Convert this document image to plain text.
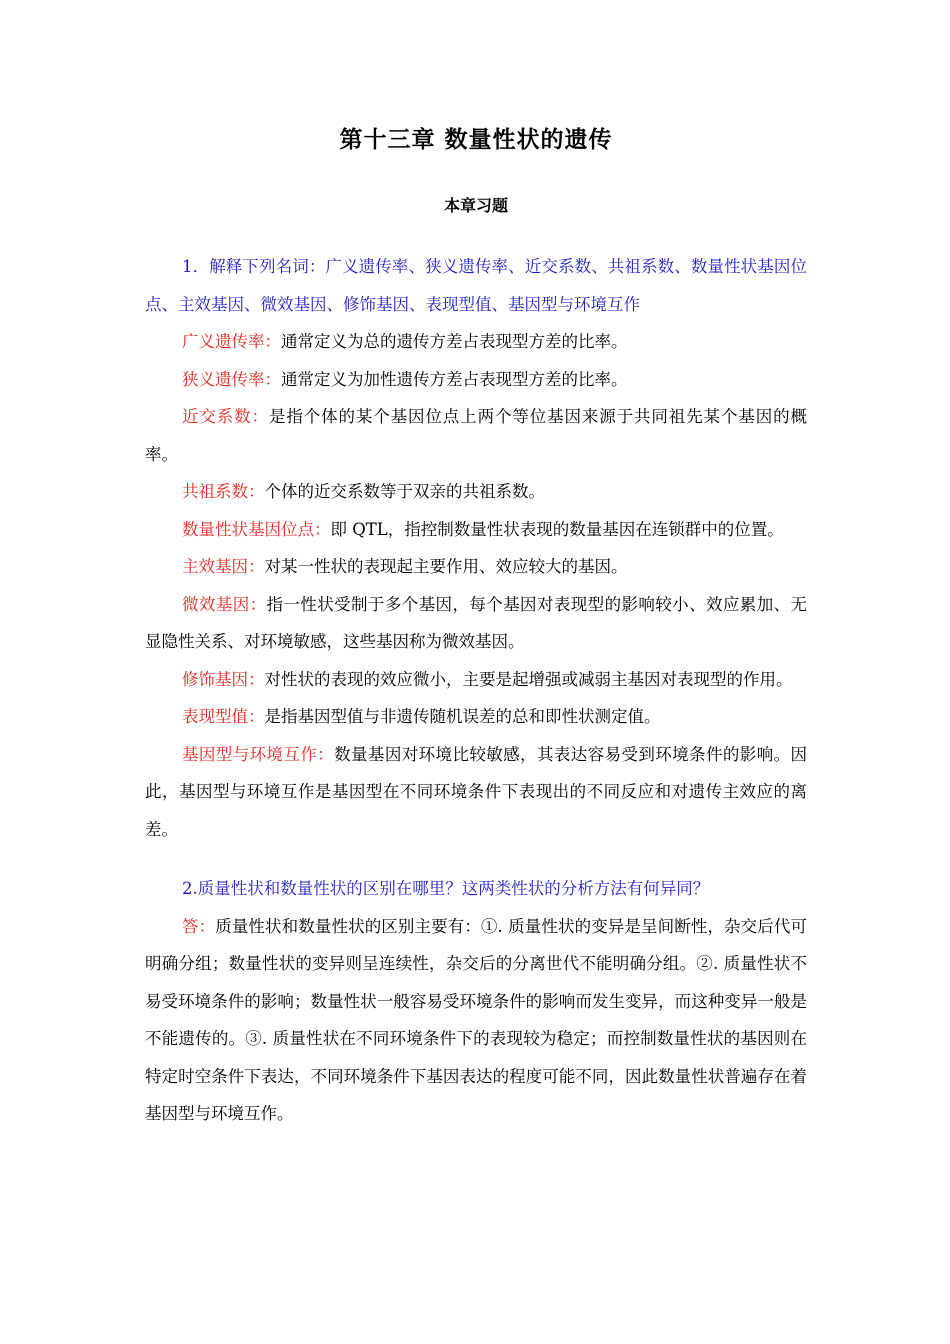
第十三章 数量性状的遗传
本章习题

1．解释下列名词：广义遗传率、狭义遗传率、近交系数、共祖系数、数量性状基因位点、主效基因、微效基因、修饰基因、表现型值、基因型与环境互作

广义遗传率：通常定义为总的遗传方差占表现型方差的比率。

狭义遗传率：通常定义为加性遗传方差占表现型方差的比率。

近交系数：是指个体的某个基因位点上两个等位基因来源于共同祖先某个基因的概率。

共祖系数：个体的近交系数等于双亲的共祖系数。

数量性状基因位点：即 QTL，指控制数量性状表现的数量基因在连锁群中的位置。

主效基因：对某一性状的表现起主要作用、效应较大的基因。

微效基因：指一性状受制于多个基因，每个基因对表现型的影响较小、效应累加、无显隐性关系、对环境敏感，这些基因称为微效基因。

修饰基因：对性状的表现的效应微小，主要是起增强或减弱主基因对表现型的作用。

表现型值：是指基因型值与非遗传随机误差的总和即性状测定值。

基因型与环境互作：数量基因对环境比较敏感，其表达容易受到环境条件的影响。因此，基因型与环境互作是基因型在不同环境条件下表现出的不同反应和对遗传主效应的离差。

2.质量性状和数量性状的区别在哪里？这两类性状的分析方法有何异同？

答：质量性状和数量性状的区别主要有：①. 质量性状的变异是呈间断性，杂交后代可明确分组；数量性状的变异则呈连续性，杂交后的分离世代不能明确分组。②. 质量性状不易受环境条件的影响；数量性状一般容易受环境条件的影响而发生变异，而这种变异一般是不能遗传的。③. 质量性状在不同环境条件下的表现较为稳定；而控制数量性状的基因则在特定时空条件下表达，不同环境条件下基因表达的程度可能不同，因此数量性状普遍存在着基因型与环境互作。
